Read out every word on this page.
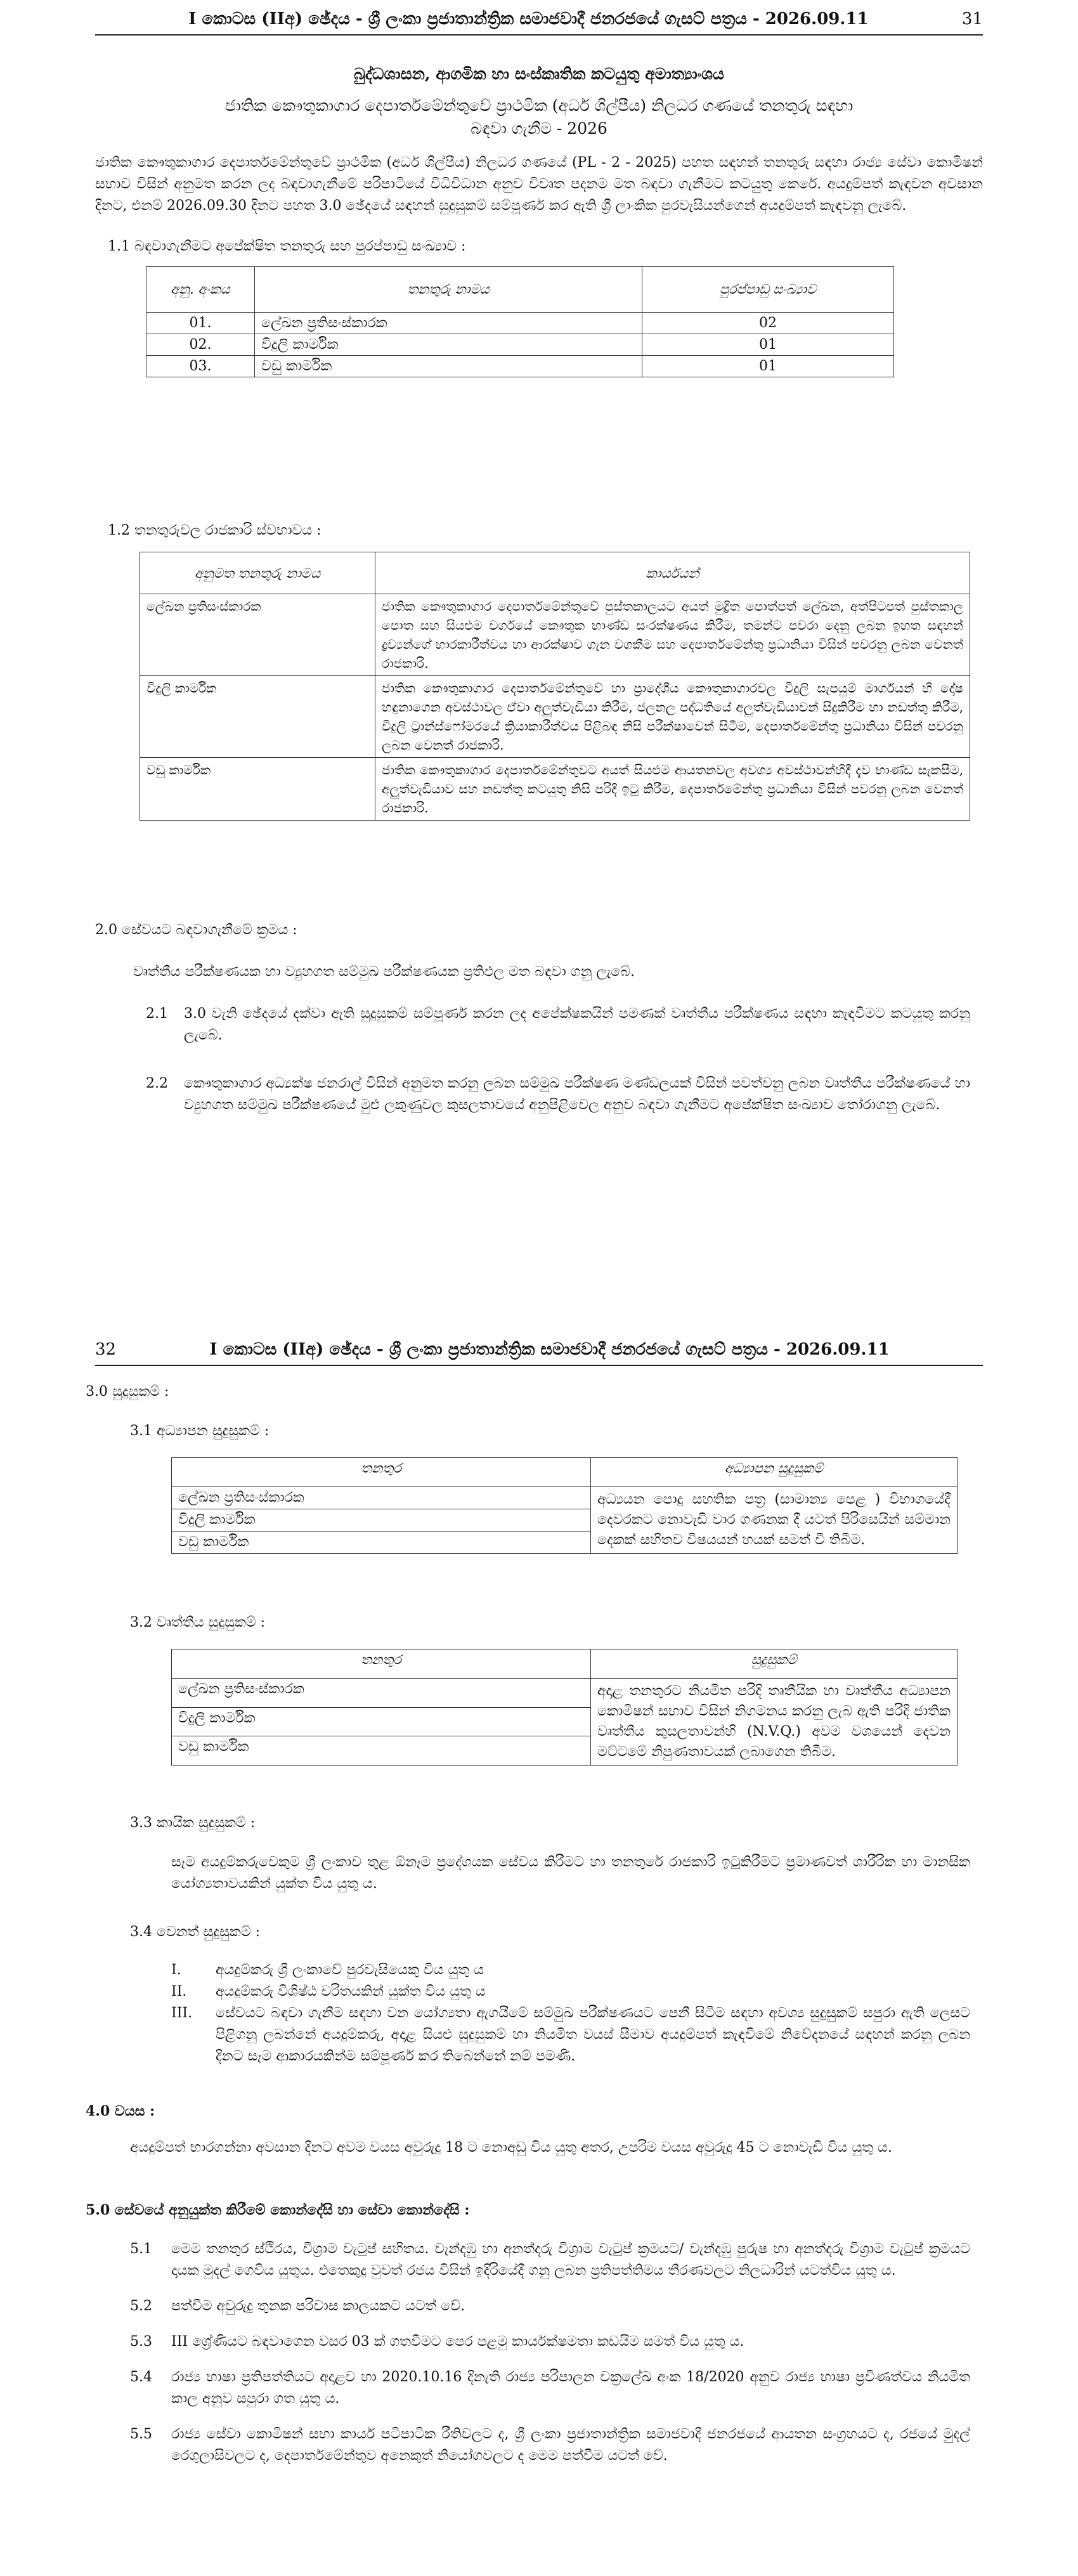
I කොටස (IIඅ) ඡේදය - ශ්‍රී ලංකා ප්‍රජාතාන්ත්‍රික සමාජවාදී ජනරජයේ ගැසට් පත්‍රය - 2026.09.11	31
බුද්ධශාසන, ආගමික හා සංස්කෘතික කටයුතු අමාත්‍යාංශය
ජාතික කෞතුකාගාර දෙපාර්තමේන්තුවේ ප්‍රාථමික (අර්ධ ශිල්පීය) නිලධර ගණයේ තනතුරු සඳහා
බඳවා ගැනීම - 2026
ජාතික කෞතුකාගාර දෙපාර්තමේන්තුවේ ප්‍රාථමික (අර්ධ ශිල්පීය) නිලධර ගණයේ (PL - 2 - 2025) පහත සඳහන් තනතුරු සඳහා රාජ්‍ය සේවා කොමිෂන් සභාව විසින් අනුමත කරන ලද බඳවාගැනීමේ පරිපාටියේ විධිවිධාන අනුව විවෘත පදනම මත බඳවා ගැනීමට කටයුතු කෙරේ. අයදුම්පත් කැඳවන අවසාන දිනට, එනම් 2026.09.30 දිනට පහත 3.0 ඡේදයේ සඳහන් සුදුසුකම් සම්පූර්ණ කර ඇති ශ්‍රී ලාංකික පුරවැසියන්ගෙන් අයදුම්පත් කැඳවනු ලැබේ.
1.1 බඳවාගැනීමට අපේක්ෂිත තනතුරු සහ පුරප්පාඩු සංඛ්‍යාව :
අනු. අංකය	තනතුරු නාමය	පුරප්පාඩු සංඛ්‍යාව
01.	ලේඛන ප්‍රතිසංස්කාරක	02
02.	විදුලි කාර්මික	01
03.	වඩු කාර්මික	01
1.2 තනතුරුවල රාජකාරි ස්වභාවය :
අනුමත තනතුරු නාමය	කාර්යයන්
ලේඛන ප්‍රතිසංස්කාරක	ජාතික කෞතුකාගාර දෙපාර්තමේන්තුවේ පුස්තකාලයට අයත් මුද්‍රිත පොත්පත් ලේඛන, අත්පිටපත් පුස්තකාල පොත සහ සියළුම වර්ගයේ කෞතුක භාණ්ඩ සංරක්ෂණය කිරීම, තමන්ට පවරා දෙනු ලබන ඉහත සඳහන් ද්‍රව්‍යන්ගේ භාරකාරීත්වය හා ආරක්ෂාව ගැන වගකීම සහ දෙපාර්තමේන්තු ප්‍රධානියා විසින් පවරනු ලබන වෙනත් රාජකාරි.
විදුලි කාර්මික	ජාතික කෞතුකාගාර දෙපාර්තමේන්තුවේ හා ප්‍රාදේශීය කෞතුකාගාරවල විදුලි සැපයුම් මාර්ගයන් හි දෝෂ හඳුනාගෙන අවස්ථාවල ඒවා අලුත්වැඩියා කිරීම, ජලනල පද්ධතියේ අලුත්වැඩියාවන් සිදුකිරීම හා නඩත්තු කිරීම, විදුලි ට්‍රාන්ස්ෆෝමරයේ ක්‍රියාකාරීත්වය පිළිබඳ නිසි පරීක්ෂාවෙන් සිටීම, දෙපාර්තමේන්තු ප්‍රධානියා විසින් පවරනු ලබන වෙනත් රාජකාරි.
වඩු කාර්මික	ජාතික කෞතුකාගාර දෙපාර්තමේන්තුවට අයත් සියළුම ආයතනවල අවශ්‍ය අවස්ථාවන්හිදී දැව භාණ්ඩ සැකසීම, අලුත්වැඩියාව සහ නඩත්තු කටයුතු නිසි පරිදි ඉටු කිරීම, දෙපාර්තමේන්තු ප්‍රධානියා විසින් පවරනු ලබන වෙනත් රාජකාරි.
2.0 සේවයට බඳවාගැනීමේ ක්‍රමය :
වෘත්තීය පරීක්ෂණයක හා ව්‍යුහගත සම්මුඛ පරීක්ෂණයක ප්‍රතිඵල මත බඳවා ගනු ලැබේ.
2.1 3.0 වැනි ඡේදයේ දක්වා ඇති සුදුසුකම් සම්පූර්ණ කරන ලද අපේක්ෂකයින් පමණක් වෘත්තීය පරීක්ෂණය සඳහා කැඳවීමට කටයුතු කරනු ලැබේ.
2.2 කෞතුකාගාර අධ්‍යක්ෂ ජනරාල් විසින් අනුමත කරනු ලබන සම්මුඛ පරීක්ෂණ මණ්ඩලයක් විසින් පවත්වනු ලබන වෘත්තීය පරීක්ෂණයේ හා ව්‍යුහගත සම්මුඛ පරීක්ෂණයේ මුළු ලකුණුවල කුසලතාවයේ අනුපිළිවෙල අනුව බඳවා ගැනීමට අපේක්ෂිත සංඛ්‍යාව තෝරාගනු ලැබේ.
32	I කොටස (IIඅ) ඡේදය - ශ්‍රී ලංකා ප්‍රජාතාන්ත්‍රික සමාජවාදී ජනරජයේ ගැසට් පත්‍රය - 2026.09.11
3.0 සුදුසුකම් :
3.1 අධ්‍යාපන සුදුසුකම් :
තනතුර	අධ්‍යාපන සුදුසුකම්
ලේඛන ප්‍රතිසංස්කාරක	අධ්‍යයන පොදු සහතික පත්‍ර (සාමාන්‍ය පෙළ ) විභාගයේදී දෙවරකට නොවැඩි වාර ගණනක දී යටත් පිරිසෙයින් සම්මාන දෙකක් සහිතව විෂයයන් හයක් සමත් වී තිබීම.
විදුලි කාර්මික	
වඩු කාර්මික	
3.2 වෘත්තීය සුදුසුකම් :
තනතුර	සුදුසුකම්
ලේඛන ප්‍රතිසංස්කාරක	අදාළ තනතුරට නියමිත පරිදි තෘතීයික හා වෘත්තීය අධ්‍යාපන කොමිෂන් සභාව විසින් නිගමනය කරනු ලැබ ඇති පරිදි ජාතික වෘත්තීය කුසලතාවන්හි (N.V.Q.) අවම වශයෙන් දෙවන මට්ටමේ නිපුණතාවයක් ලබාගෙන තිබීම.
විදුලි කාර්මික	
වඩු කාර්මික	
3.3 කායික සුදුසුකම් :
සෑම අයදුම්කරුවෙකුම ශ්‍රී ලංකාව තුළ ඕනෑම ප්‍රදේශයක සේවය කිරීමට හා තනතුරේ රාජකාරි ඉටුකිරීමට ප්‍රමාණවත් ශාරීරික හා මානසික යෝග්‍යතාවයකින් යුක්ත විය යුතු ය.
3.4 වෙනත් සුදුසුකම් :
I.	අයදුම්කරු ශ්‍රී ලංකාවේ පුරවැසියෙකු විය යුතු ය
II.	අයදුම්කරු විශිෂ්ඨ චරිතයකින් යුක්ත විය යුතු ය
III.	සේවයට බඳවා ගැනීම සඳහා වන යෝග්‍යතා ඇගයීමේ සම්මුඛ පරීක්ෂණයට පෙනී සිටීම සඳහා අවශ්‍ය සුදුසුකම් සපුරා ඇති ලෙසට පිළිගනු ලබන්නේ අයදුම්කරු, අදාළ සියළු සුදුසුකම් හා නියමිත වයස් සීමාව අයදුම්පත් කැඳවීමේ නිවේදනයේ සඳහන් කරනු ලබන දිනට සෑම ආකාරයකින්ම සම්පූර්ණ කර තිබෙන්නේ නම් පමණි.
4.0 වයස :
අයදුම්පත් භාරගන්නා අවසාන දිනට අවම වයස අවුරුදු 18 ට නොඅඩු විය යුතු අතර, උපරිම වයස අවුරුදු 45 ට නොවැඩි විය යුතු ය.
5.0 සේවයේ අනුයුක්ත කිරීමේ කොන්දේසි හා සේවා කොන්දේසි :
5.1	මෙම තනතුර ස්ථිරය, විශ්‍රාම වැටුප් සහිතය. වැන්දඹු හා අනත්දරු විශ්‍රාම වැටුප් ක්‍රමයට/ වැන්දඹු පුරුෂ හා අනත්දරු විශ්‍රාම වැටුප් ක්‍රමයට දායක මුදල් ගෙවිය යුතුය. එතෙකුදු වුවත් රජය විසින් ඉදිරියේදී ගනු ලබන ප්‍රතිපත්තිමය තීරණවලට නිලධාරින් යටත්විය යුතු ය.
5.2	පත්වීම අවුරුදු තුනක පරිවාස කාලයකට යටත් වේ.
5.3	III ශ්‍රේණියට බඳවාගෙන වසර 03 ක් ගතවීමට පෙර පළමු කාර්යක්ෂමතා කඩයිම සමත් විය යුතු ය.
5.4	රාජ්‍ය භාෂා ප්‍රතිපත්තියට අදාළව හා 2020.10.16 දිනැති රාජ්‍ය පරිපාලන චක්‍රලේඛ අංක 18/2020 අනුව රාජ්‍ය භාෂා ප්‍රවීණත්වය නියමිත කාල අනුව සපුරා ගත යුතු ය.
5.5	රාජ්‍ය සේවා කොමිෂන් සභා කාර්ය පටිපාටික රීතිවලට ද, ශ්‍රී ලංකා ප්‍රජාතාන්ත්‍රික සමාජවාදී ජනරජයේ ආයතන සංග්‍රහයට ද, රජයේ මුදල් රෙගුලාසිවලට ද, දෙපාර්තමේන්තුව අනෙකුත් නියෝගවලට ද මෙම පත්වීම යටත් වේ.
